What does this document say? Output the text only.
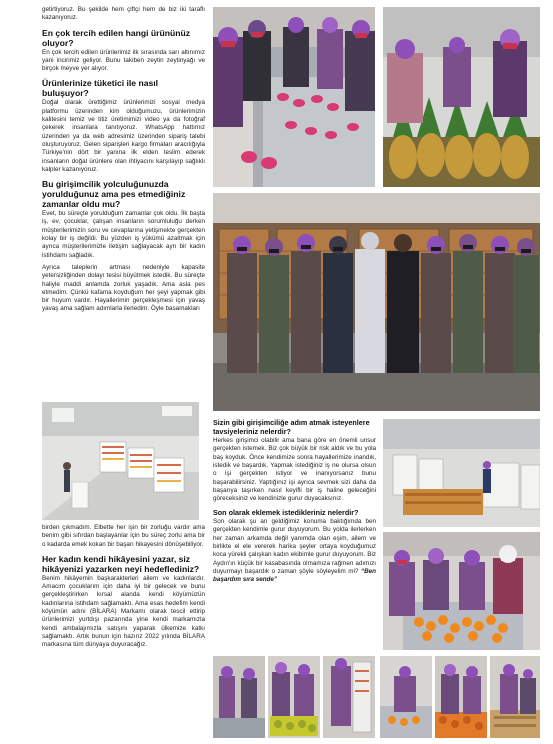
getirtiyoruz. Bu şekilde hem çiftçi hem de biz iki taraflı kazanıyoruz.

En çok tercih edilen hangi ürününüz oluyor?

En çok tercih edilen ürünlerimiz ilk sırasında sarı altınımız yani incirimiz geliyor. Bunu takiben zeytin zeytinyağı ve birçok meyve yer alıyor.

Ürünlerinize tüketici ile nasıl buluşuyor?

Doğal olarak ürettiğimiz ürünlerimizi sosyal medya platformu üzerinden kim olduğumuzu, ürünlerimizin kalitesini temiz ve titiz üretimimizi video ya da fotoğraf çekerek insanlara tanıtıyoruz. WhatsApp hattımız üzerinden ya da web adresimiz üzerinden sipariş talebi oluşturuyoruz. Gelen siparişleri kargo firmaları aracılığıyla Türkiye'nin dört bir yanına ilk elden teslim ederek insanların doğal ürünlere olan ihtiyacını karşılayıp sağlıklı kalpler kazanıyoruz.

Bu girişimcilik yolculuğunuzda yorulduğunuz ama pes etmediğiniz zamanlar oldu mu?

Evet, bu süreçte yorulduğum zamanlar çok oldu. İlk başta iş, ev, çocuklar, çalışan insanların sorumluluğu derken müşterilerimizin soru ve cevaplarına yetişmekte gerçekten kolay bir iş değildi. Bu yüzden iş yükümü azaltmak için ayrıca müşterilerimizle iletişim sağlayacak ayrı bir kadın istihdamı sağladık.

Ayrıca taleplerin artması nedeniyle kapasite yetersizliğinden dolayı tesisi büyütmek istedik. Bu süreçte haliyle maddi anlamda zorluk yaşadık. Ama asla pes etmedim. Çünkü kafama koyduğum her şeyi yapmak gibi bir huyum vardır. Hayallerimin gerçekleşmesi için yavaş yavaş ama sağlam adımlarla ilerledim. Öyle basamakları

birden çıkmadım. Elbette her işin bir zorluğu vardır ama benim gibi sıfırdan başlayanlar için bu süreç zorlu ama bir o kadarda emek kokan bir başarı hikayesini dönüşebiliyor.

Her kadın kendi hikâyesini yazar, siz hikâyenizi yazarken neyi hedeflediniz?

Benim hikâyemin başkarakterleri ailem ve kadınlardır. Amacım çocuklarım için daha iyi bir gelecek ve bunu gerçekleştirirken kırsal alanda kendi köyümüzün kadınlarına istihdam sağlamaktı. Ama esas hedefim kendi köyümün adını (BİLARA) Markamı olarak tescil ettirip ürünlerimizi yurtdışı pazarında yine kendi markamızla kendi ambalajımızla satışını yaparak ülkemize katkı sağlamaktı. Artık bunun için hazırız 2022 yılında BİLARA markasına tüm dünyaya duyuracağız.

Sizin gibi girişimciliğe adım atmak isteyenlere tavsiyeleriniz nelerdir?

Herkes girişimci olabilir ama bana göre en önemli unsur gerçekten istemek. Biz çok büyük bir risk aldık ve bu yola baş koyduk. Önce kendimize sonra hayallerimize inandık, istedik ve başardık. Yapmak istediğiniz iş ne olursa olsun o işi gerçekten istiyor ve inanıyorsanız bunu başarabilirsiniz. Yaptığınız işi ayrıca sevmek sizi daha da başarıya taşırken nasıl keyifli bir iş haline geleceğini göreceksiniz ve kendinizle gurur duyacaksınız.

Son olarak eklemek istedikleriniz nelerdir?

Son olarak şu an geldiğimiz konuma baktığımda ben gerçekten kendimle gurur duyuyorum. Bu yolda ilerlerken her zaman arkamda değil yanımda olan eşim, ailem ve birlikte el ele vererek harika şeyler ortaya koyduğumuz koca yürekli çalışkan kadın ekibimle gurur duyuyorum. Biz Aydın'ın küçük bir kasabasında olmamıza rağmen adımızı duyurmayı başardık o zaman şöyle söyleyelim mi? “Ben başardım sıra sende”
